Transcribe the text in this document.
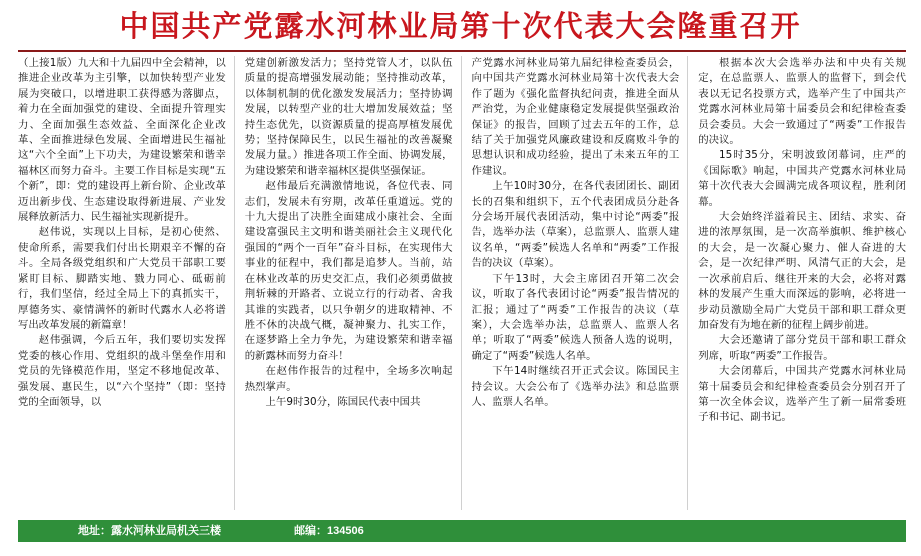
中国共产党露水河林业局第十次代表大会隆重召开

（上接1版）九大和十九届四中全会精神，以推进企业改革为主引擎，以加快转型产业发展为突破口，以增进职工获得感为落脚点，着力在全面加强党的建设、全面提升管理实力、全面加强生态效益、全面深化企业改革、全面推进绿色发展、全面增进民生福祉这“六个全面”上下功夫，为建设繁荣和谐幸福林区而努力奋斗。主要工作目标是实现“五个新”，即：党的建设再上新台阶、企业改革迈出新步伐、生态建设取得新进展、产业发展释放新活力、民生福祉实现新提升。

赵伟说，实现以上目标，是初心使然、使命所系，需要我们付出长期艰辛不懈的奋斗。全局各级党组织和广大党员干部职工要紧盯目标、脚踏实地、戮力同心、砥砺前行，我们坚信，经过全局上下的真抓实干，厚德务实、豪情满怀的新时代露水人必将谱写出改革发展的新篇章！

赵伟强调，今后五年，我们要切实发挥党委的核心作用、党组织的战斗堡垒作用和党员的先锋模范作用，坚定不移地促改革、强发展、惠民生，以“六个坚持”（即：坚持党的全面领导，以

党建创新激发活力；坚持党管人才，以队伍质量的提高增强发展动能；坚持推动改革，以体制机制的优化激发发展活力；坚持协调发展，以转型产业的壮大增加发展效益；坚持生态优先，以资源质量的提高厚植发展优势；坚持保障民生，以民生福祉的改善凝聚发展力量。）推进各项工作全面、协调发展，为建设繁荣和谐幸福林区提供坚强保证。

赵伟最后充满激情地说，各位代表、同志们，发展未有穷期，改革任重道远。党的十九大提出了决胜全面建成小康社会、全面建设富强民主文明和谐美丽社会主义现代化强国的“两个一百年”奋斗目标，在实现伟大事业的征程中，我们都是追梦人。当前，站在林业改革的历史交汇点，我们必须勇做披荆斩棘的开路者、立说立行的行动者、舍我其谁的实践者，以只争朝夕的进取精神、不胜不休的决战气概，凝神聚力、扎实工作，在逐梦路上全力争先，为建设繁荣和谐幸福的新露林而努力奋斗！

在赵伟作报告的过程中，全场多次响起热烈掌声。

上午9时30分，陈国民代表中国共

产党露水河林业局第九届纪律检查委员会，向中国共产党露水河林业局第十次代表大会作了题为《强化监督执纪问责，推进全面从严治党，为企业健康稳定发展提供坚强政治保证》的报告，回顾了过去五年的工作，总结了关于加强党风廉政建设和反腐败斗争的思想认识和成功经验，提出了未来五年的工作建议。

上午10时30分，在各代表团团长、副团长的召集和组织下，五个代表团成员分赴各分会场开展代表团活动，集中讨论“两委”报告，选举办法（草案），总监票人、监票人建议名单，“两委”候选人名单和“两委”工作报告的决议（草案）。

下午13时，大会主席团召开第二次会议，听取了各代表团讨论“两委”报告情况的汇报；通过了“两委”工作报告的决议（草案），大会选举办法，总监票人、监票人名单；听取了“两委”候选人预备人选的说明，确定了“两委”候选人名单。

下午14时继续召开正式会议。陈国民主持会议。大会公布了《选举办法》和总监票人、监票人名单。

根据本次大会选举办法和中央有关规定，在总监票人、监票人的监督下，到会代表以无记名投票方式，选举产生了中国共产党露水河林业局第十届委员会和纪律检查委员会委员。大会一致通过了“两委”工作报告的决议。

15时35分，宋明波致闭幕词，庄严的《国际歌》响起，中国共产党露水河林业局第十次代表大会圆满完成各项议程，胜利闭幕。

大会始终洋溢着民主、团结、求实、奋进的浓厚氛围，是一次高举旗帜、维护核心的大会，是一次凝心聚力、催人奋进的大会，是一次纪律严明、风清气正的大会，是一次承前启后、继往开来的大会，必将对露林的发展产生重大而深远的影响，必将进一步动员激励全局广大党员干部和职工群众更加奋发有为地在新的征程上阔步前进。

大会还邀请了部分党员干部和职工群众列席，听取“两委”工作报告。

大会闭幕后，中国共产党露水河林业局第十届委员会和纪律检查委员会分别召开了第一次全体会议，选举产生了新一届常委班子和书记、副书记。

地址：露水河林业局机关三楼	邮编：134506
